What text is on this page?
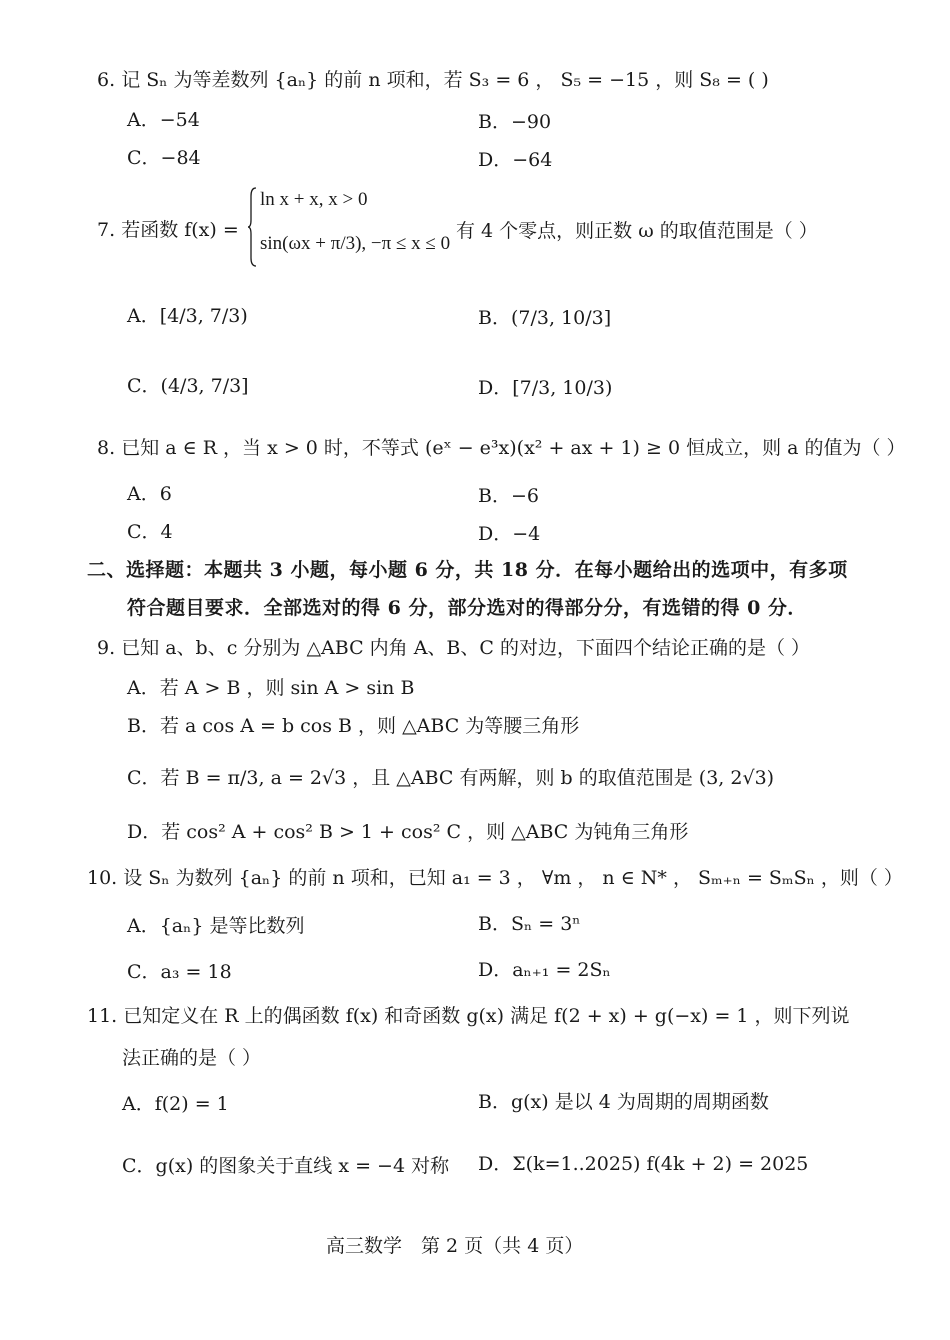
6. 记 Sₙ 为等差数列 {aₙ} 的前 n 项和，若 S₃ = 6 ， S₅ = −15 ，则 S₈ = ( )
A．−54	B．−90
C．−84	D．−64
7. 若函数 f(x) =
ln x + x, x > 0
sin(ωx + π/3), −π ≤ x ≤ 0
有 4 个零点，则正数 ω 的取值范围是（ ）
A．[4/3, 7/3)	B．(7/3, 10/3]
C．(4/3, 7/3]	D．[7/3, 10/3)
8. 已知 a ∈ R ，当 x > 0 时，不等式 (eˣ − e³x)(x² + ax + 1) ≥ 0 恒成立，则 a 的值为（ ）
A．6	B．−6
C．4	D．−4
二、选择题：本题共 3 小题，每小题 6 分，共 18 分．在每小题给出的选项中，有多项
符合题目要求．全部选对的得 6 分，部分选对的得部分分，有选错的得 0 分．
9. 已知 a、b、c 分别为 △ABC 内角 A、B、C 的对边，下面四个结论正确的是（ ）
A．若 A > B ，则 sin A > sin B
B．若 a cos A = b cos B ，则 △ABC 为等腰三角形
C．若 B = π/3, a = 2√3 ，且 △ABC 有两解，则 b 的取值范围是 (3, 2√3)
D．若 cos² A + cos² B > 1 + cos² C ，则 △ABC 为钝角三角形
10. 设 Sₙ 为数列 {aₙ} 的前 n 项和，已知 a₁ = 3 ， ∀m ， n ∈ N* ， Sₘ₊ₙ = SₘSₙ ，则（ ）
A．{aₙ} 是等比数列	B．Sₙ = 3ⁿ
C．a₃ = 18	D．aₙ₊₁ = 2Sₙ
11. 已知定义在 R 上的偶函数 f(x) 和奇函数 g(x) 满足 f(2 + x) + g(−x) = 1 ，则下列说
法正确的是（ ）
A．f(2) = 1	B．g(x) 是以 4 为周期的周期函数
C．g(x) 的图象关于直线 x = −4 对称 D．Σ(k=1..2025) f(4k + 2) = 2025
高三数学　第 2 页（共 4 页）
